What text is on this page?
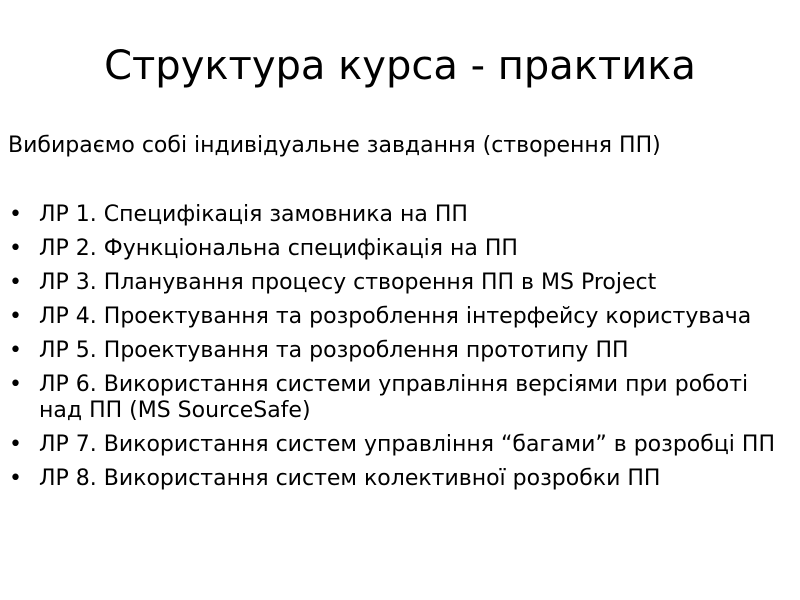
Структура курса - практика
Вибираємо собі індивідуальне завдання (створення ПП)
• ЛР 1. Специфікація замовника на ПП
• ЛР 2. Функціональна специфікація на ПП
• ЛР 3. Планування процесу створення ПП в MS Project
• ЛР 4. Проектування та розроблення інтерфейсу користувача
• ЛР 5. Проектування та розроблення прототипу ПП
• ЛР 6. Використання системи управління версіями при роботі над ПП (MS SourceSafe)
• ЛР 7. Використання систем управління “багами” в розробці ПП
• ЛР 8. Використання систем колективної розробки ПП
